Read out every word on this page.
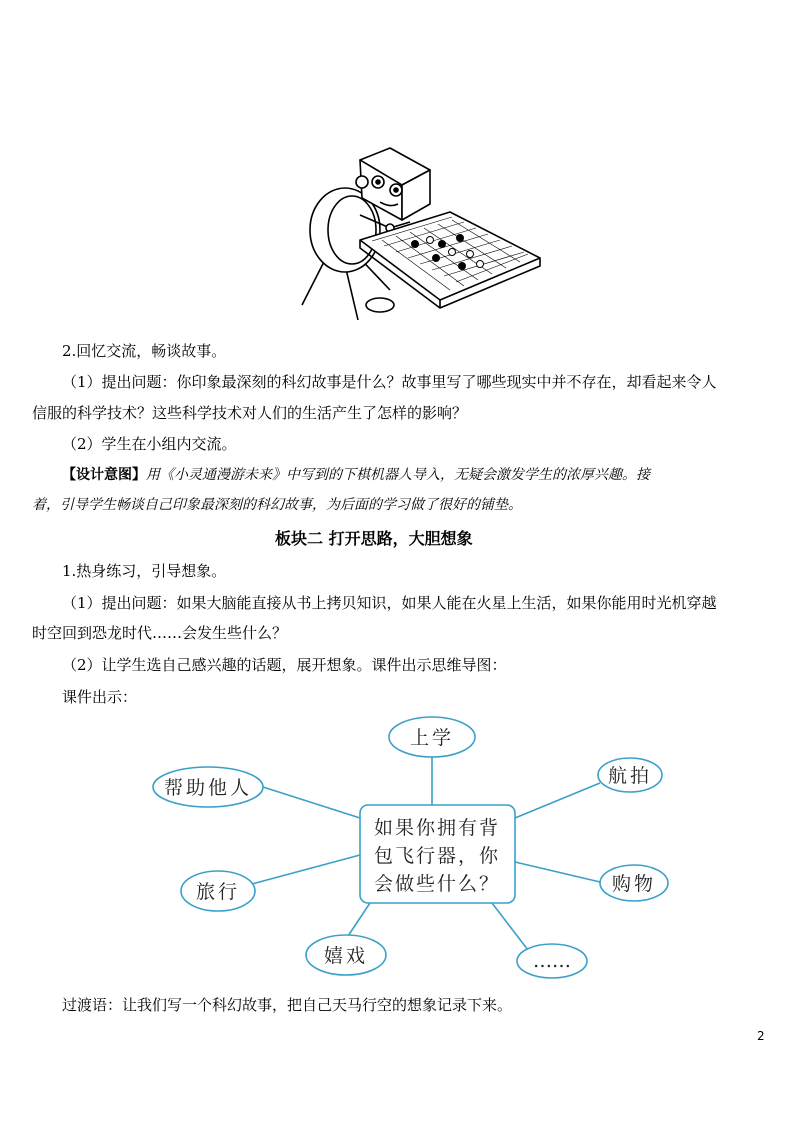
2.回忆交流，畅谈故事。
（1）提出问题：你印象最深刻的科幻故事是什么？故事里写了哪些现实中并不存在，却看起来令人
信服的科学技术？这些科学技术对人们的生活产生了怎样的影响？
（2）学生在小组内交流。
【设计意图】用《小灵通漫游未来》中写到的下棋机器人导入，无疑会激发学生的浓厚兴趣。接
着，引导学生畅谈自己印象最深刻的科幻故事，为后面的学习做了很好的铺垫。
板块二 打开思路，大胆想象
1.热身练习，引导想象。
（1）提出问题：如果大脑能直接从书上拷贝知识，如果人能在火星上生活，如果你能用时光机穿越
时空回到恐龙时代……会发生些什么？
（2）让学生选自己感兴趣的话题，展开想象。课件出示思维导图：
课件出示：
如果你拥有背
包飞行器，你
会做些什么？
上学
航拍
帮助他人
旅行	购物
嬉戏	……
过渡语：让我们写一个科幻故事，把自己天马行空的想象记录下来。
2
